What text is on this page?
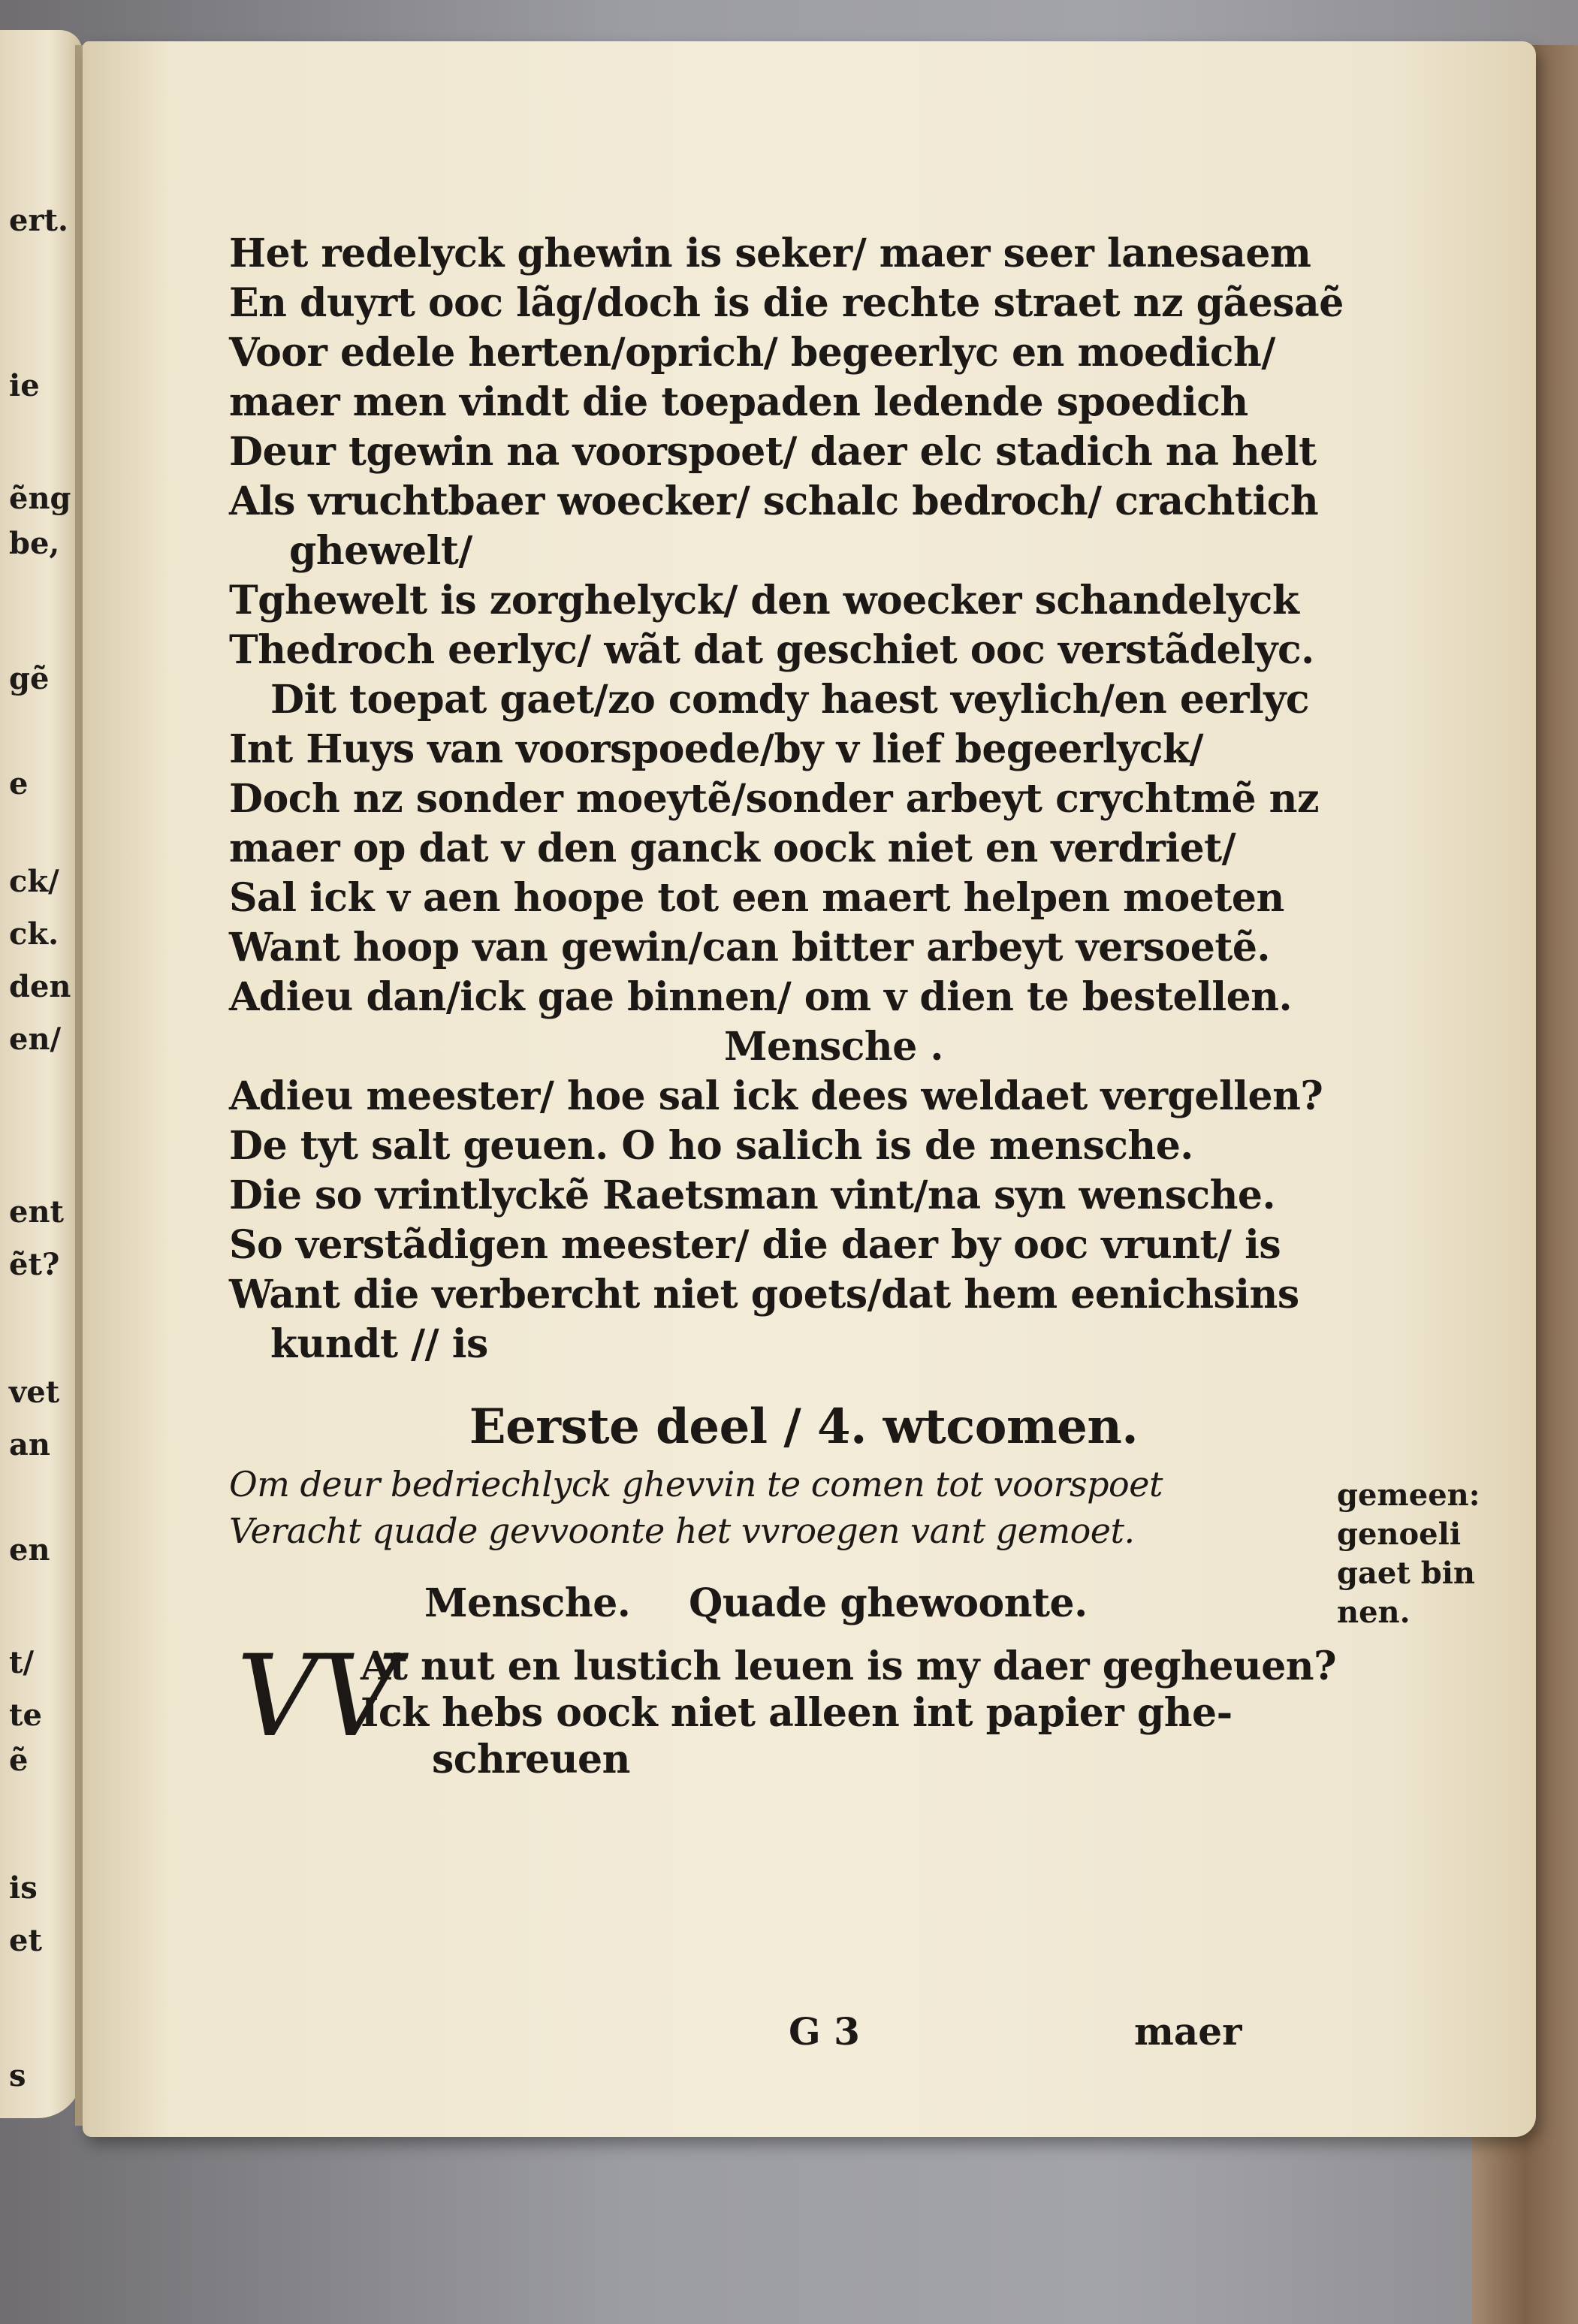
ert.
ie
ẽng
be,
gẽ
e
ck/
ck.
den
en/
ent
ẽt?
vet
an
en
t/
te
ẽ
is
et
s
Het redelyck ghewin is seker/ maer seer lanesaem
En duyrt ooc lãg/doch is die rechte straet nz gãesaẽ
Voor edele herten/oprich/ begeerlyc en moedich/
maer men vindt die toepaden ledende spoedich
Deur tgewin na voorspoet/ daer elc stadich na helt
Als vruchtbaer woecker/ schalc bedroch/ crachtich
ghewelt/
Tghewelt is zorghelyck/ den woecker schandelyck
Thedroch eerlyc/ wãt dat geschiet ooc verstãdelyc.
Dit toepat gaet/zo comdy haest veylich/en eerlyc
Int Huys van voorspoede/by v lief begeerlyck/
Doch nz sonder moeytẽ/sonder arbeyt crychtmẽ nz
maer op dat v den ganck oock niet en verdriet/
Sal ick v aen hoope tot een maert helpen moeten
Want hoop van gewin/can bitter arbeyt versoetẽ.
Adieu dan/ick gae binnen/ om v dien te bestellen.
Mensche .
Adieu meester/ hoe sal ick dees weldaet vergellen?
De tyt salt geuen. O ho salich is de mensche.
Die so vrintlyckẽ Raetsman vint/na syn wensche.
So verstãdigen meester/ die daer by ooc vrunt/ is
Want die verbercht niet goets/dat hem eenichsins
kundt // is
Eerste deel / 4. wtcomen.
Om deur bedriechlyck ghevvin te comen tot voorspoet
Veracht quade gevvoonte het vvroegen vant gemoet.
Mensche. Quade ghewoonte.
VV
At nut en lustich leuen is my daer gegheuen?
Ick hebs oock niet alleen int papier ghe-
schreuen
gemeen:
genoeli
gaet bin
nen.
G 3	maer
